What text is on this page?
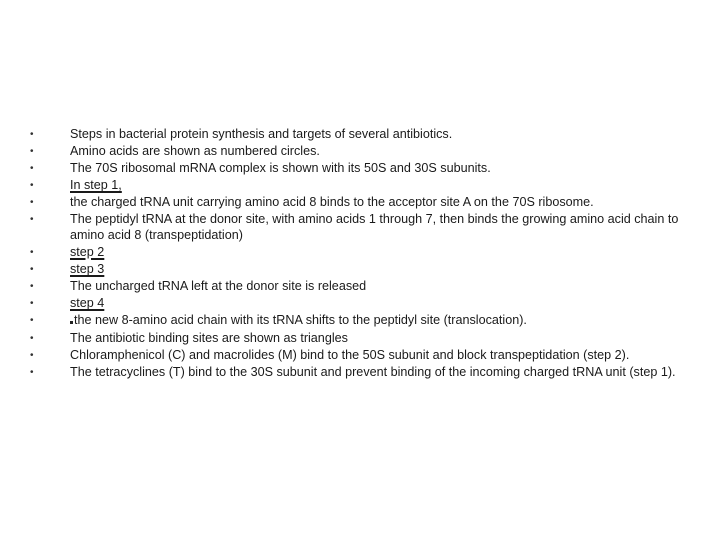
•	Steps in bacterial protein synthesis and targets of several antibiotics.
•	Amino acids are shown as numbered circles.
•	The 70S ribosomal mRNA complex is shown with its 50S and 30S subunits.
•	In step 1,
•	the charged tRNA unit carrying amino acid 8 binds to the acceptor site A on the 70S ribosome.
•	The peptidyl tRNA at the donor site, with amino acids 1 through 7, then binds the growing amino acid chain to amino acid 8 (transpeptidation)
•	step 2
•	step 3
•	The uncharged tRNA left at the donor site is released
•	step 4
•	the new 8-amino acid chain with its tRNA shifts to the peptidyl site (translocation).
•	The antibiotic binding sites are shown as triangles
•	Chloramphenicol (C) and macrolides (M) bind to the 50S subunit and block transpeptidation (step 2).
•	The tetracyclines (T) bind to the 30S subunit and prevent binding of the incoming charged tRNA unit (step 1).
